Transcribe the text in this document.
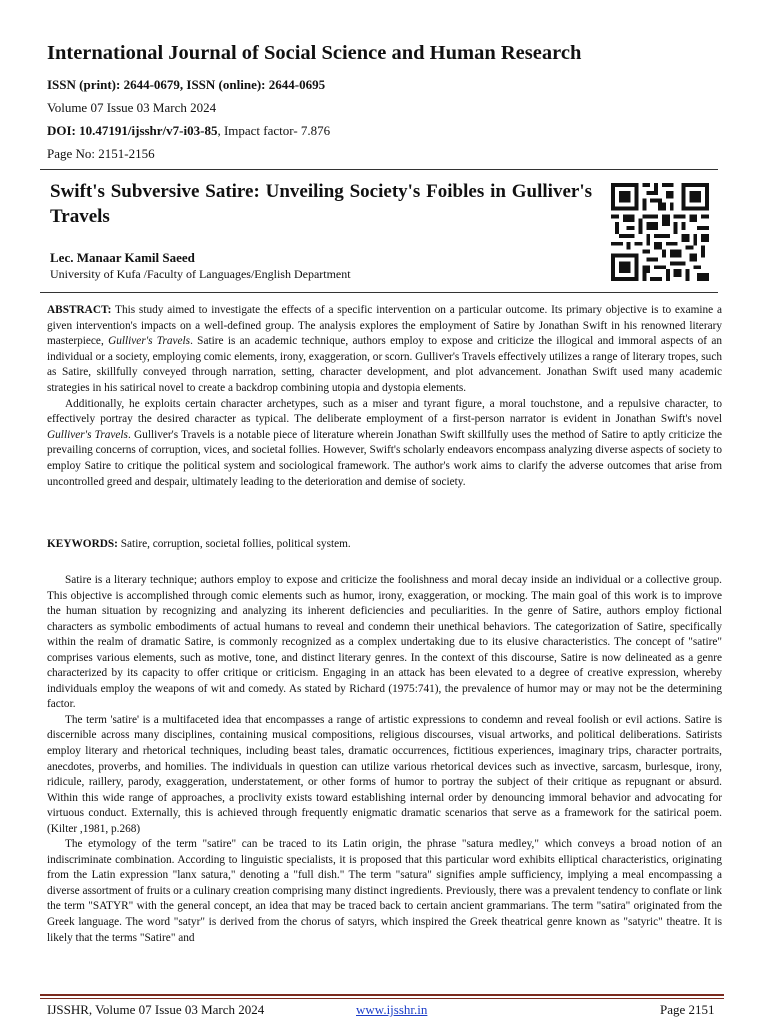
International Journal of Social Science and Human Research

ISSN (print): 2644-0679, ISSN (online): 2644-0695

Volume 07 Issue 03 March 2024

DOI: 10.47191/ijsshr/v7-i03-85, Impact factor- 7.876

Page No: 2151-2156

Swift's Subversive Satire: Unveiling Society's Foibles in Gulliver's Travels

Lec. Manaar Kamil Saeed

University of Kufa /Faculty of Languages/English Department

ABSTRACT: This study aimed to investigate the effects of a specific intervention on a particular outcome. Its primary objective is to examine a given intervention's impacts on a well-defined group. The analysis explores the employment of Satire by Jonathan Swift in his renowned literary masterpiece, Gulliver's Travels. Satire is an academic technique, authors employ to expose and criticize the illogical and immoral aspects of an individual or a society, employing comic elements, irony, exaggeration, or scorn. Gulliver's Travels effectively utilizes a range of literary tropes, such as Satire, skillfully conveyed through narration, setting, character development, and plot advancement. Jonathan Swift used many academic strategies in his satirical novel to create a backdrop combining utopia and dystopia elements.

Additionally, he exploits certain character archetypes, such as a miser and tyrant figure, a moral touchstone, and a repulsive character, to effectively portray the desired character as typical. The deliberate employment of a first-person narrator is evident in Jonathan Swift's novel Gulliver's Travels. Gulliver's Travels is a notable piece of literature wherein Jonathan Swift skillfully uses the method of Satire to aptly criticize the prevailing concerns of corruption, vices, and societal follies. However, Swift's scholarly endeavors encompass analyzing diverse aspects of society to employ Satire to critique the political system and sociological framework. The author's work aims to clarify the adverse outcomes that arise from uncontrolled greed and despair, ultimately leading to the deterioration and demise of society.

KEYWORDS: Satire, corruption, societal follies, political system.

Satire is a literary technique; authors employ to expose and criticize the foolishness and moral decay inside an individual or a collective group. This objective is accomplished through comic elements such as humor, irony, exaggeration, or mocking. The main goal of this work is to improve the human situation by recognizing and analyzing its inherent deficiencies and peculiarities. In the genre of Satire, authors employ fictional characters as symbolic embodiments of actual humans to reveal and condemn their unethical behaviors. The categorization of Satire, specifically within the realm of dramatic Satire, is commonly recognized as a complex undertaking due to its elusive characteristics. The concept of "satire" comprises various elements, such as motive, tone, and distinct literary genres. In the context of this discourse, Satire is now delineated as a genre characterized by its capacity to offer critique or criticism. Engaging in an attack has been elevated to a degree of creative expression, whereby individuals employ the weapons of wit and comedy. As stated by Richard (1975:741), the prevalence of humor may or may not be the determining factor.

The term 'satire' is a multifaceted idea that encompasses a range of artistic expressions to condemn and reveal foolish or evil actions. Satire is discernible across many disciplines, containing musical compositions, religious discourses, visual artworks, and political deliberations. Satirists employ literary and rhetorical techniques, including beast tales, dramatic occurrences, fictitious experiences, imaginary trips, character portraits, anecdotes, proverbs, and homilies. The individuals in question can utilize various rhetorical devices such as invective, sarcasm, burlesque, irony, ridicule, raillery, parody, exaggeration, understatement, or other forms of humor to portray the subject of their critique as repugnant or absurd. Within this wide range of approaches, a proclivity exists toward establishing internal order by denouncing immoral behavior and advocating for virtuous conduct. Externally, this is achieved through frequently enigmatic dramatic scenarios that serve as a framework for the satirical poem. (Kilter ,1981, p.268)

The etymology of the term "satire" can be traced to its Latin origin, the phrase "satura medley," which conveys a broad notion of an indiscriminate combination. According to linguistic specialists, it is proposed that this particular word exhibits elliptical characteristics, originating from the Latin expression "lanx satura," denoting a "full dish." The term "satura" signifies ample sufficiency, implying a meal encompassing a diverse assortment of fruits or a culinary creation comprising many distinct ingredients. Previously, there was a prevalent tendency to conflate or link the term "SATYR" with the general concept, an idea that may be traced back to certain ancient grammarians. The term "satira" originated from the Greek language. The word "satyr" is derived from the chorus of satyrs, which inspired the Greek theatrical genre known as "satyric" theatre. It is likely that the terms "Satire" and

IJSSHR, Volume 07 Issue 03 March 2024	www.ijsshr.in	Page 2151
